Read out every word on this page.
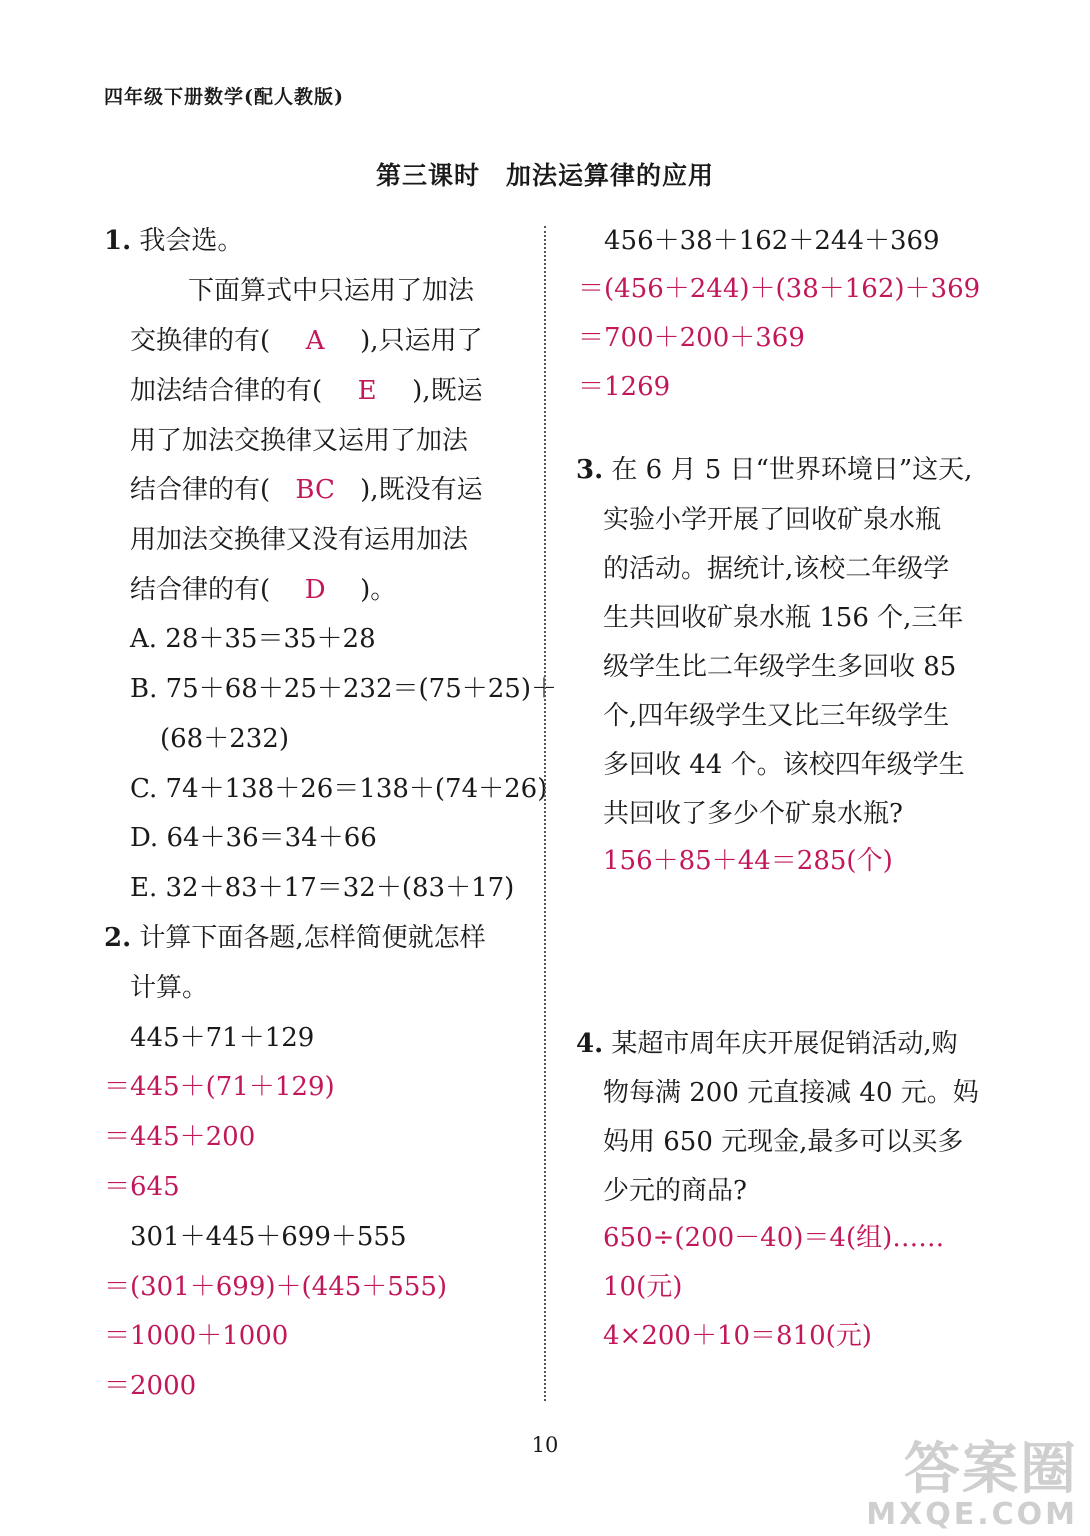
四年级下册数学(配人教版)
第三课时　加法运算律的应用
1. 我会选。
下面算式中只运用了加法
交换律的有( A ),只运用了
加法结合律的有( E ),既运
用了加法交换律又运用了加法
结合律的有( BC ),既没有运
用加法交换律又没有运用加法
结合律的有( D )。
A. 28＋35＝35＋28
B. 75＋68＋25＋232＝(75＋25)＋
(68＋232)
C. 74＋138＋26＝138＋(74＋26)
D. 64＋36＝34＋66
E. 32＋83＋17＝32＋(83＋17)
2. 计算下面各题,怎样简便就怎样
计算。
445＋71＋129
＝445＋(71＋129)
＝445＋200
＝645
301＋445＋699＋555
＝(301＋699)＋(445＋555)
＝1000＋1000
＝2000
456＋38＋162＋244＋369
＝(456＋244)＋(38＋162)＋369
＝700＋200＋369
＝1269
3. 在 6 月 5 日“世界环境日”这天,
实验小学开展了回收矿泉水瓶
的活动。据统计,该校二年级学
生共回收矿泉水瓶 156 个,三年
级学生比二年级学生多回收 85
个,四年级学生又比三年级学生
多回收 44 个。该校四年级学生
共回收了多少个矿泉水瓶?
156＋85＋44＝285(个)
4. 某超市周年庆开展促销活动,购
物每满 200 元直接减 40 元。妈
妈用 650 元现金,最多可以买多
少元的商品?
650÷(200－40)＝4(组)……
10(元)
4×200＋10＝810(元)
10	答案圈
MXQE.COM
